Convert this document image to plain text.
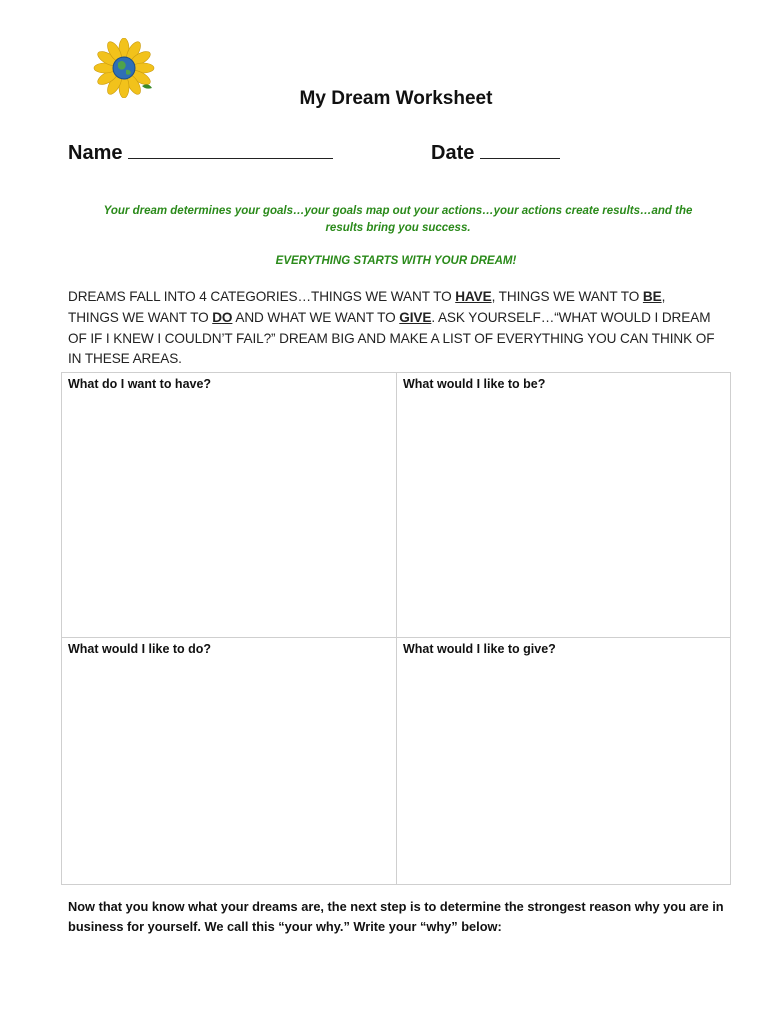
My Dream Worksheet
Name	Date
Your dream determines your goals…your goals map out your actions…your actions create results…and the
results bring you success.
EVERYTHING STARTS WITH YOUR DREAM!
DREAMS FALL INTO 4 CATEGORIES…THINGS WE WANT TO HAVE, THINGS WE WANT TO BE, THINGS WE WANT TO DO AND WHAT WE WANT TO GIVE. ASK YOURSELF…“WHAT WOULD I DREAM OF IF I KNEW I COULDN’T FAIL?” DREAM BIG AND MAKE A LIST OF EVERYTHING YOU CAN THINK OF IN THESE AREAS.
What do I want to have?	What would I like to be?
What would I like to do?	What would I like to give?
Now that you know what your dreams are, the next step is to determine the strongest reason why you are in business for yourself. We call this “your why.” Write your “why” below:
